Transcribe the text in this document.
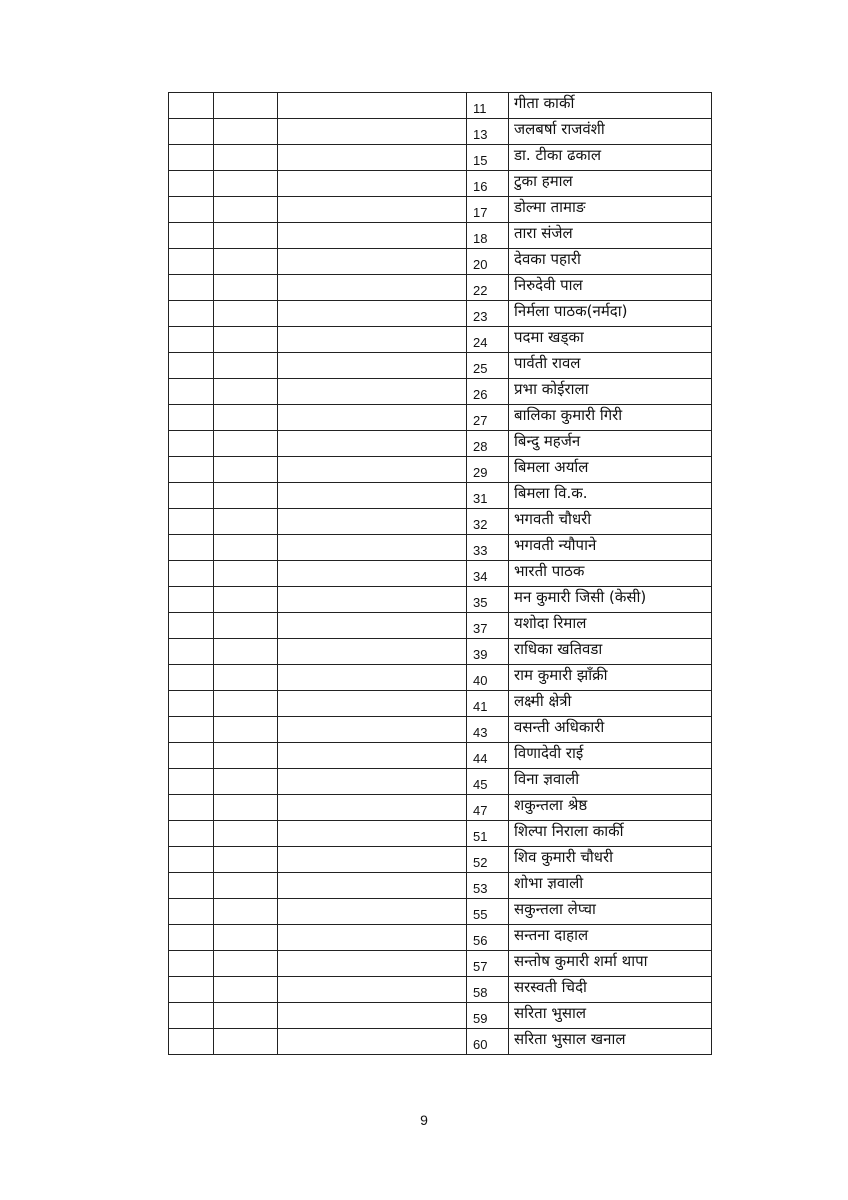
			11	गीता कार्की
			13	जलबर्षा राजवंशी
			15	डा. टीका ढकाल
			16	टुका हमाल
			17	डोल्मा तामाङ
			18	तारा संजेल
			20	देवका पहारी
			22	निरुदेवी पाल
			23	निर्मला पाठक(नर्मदा)
			24	पदमा खड्का
			25	पार्वती रावल
			26	प्रभा कोईराला
			27	बालिका कुमारी गिरी
			28	बिन्दु महर्जन
			29	बिमला अर्याल
			31	बिमला वि.क.
			32	भगवती चौधरी
			33	भगवती न्यौपाने
			34	भारती पाठक
			35	मन कुमारी जिसी (केसी)
			37	यशोदा रिमाल
			39	राधिका खतिवडा
			40	राम कुमारी झाँक्री
			41	लक्ष्मी क्षेत्री
			43	वसन्ती अधिकारी
			44	विणादेवी राई
			45	विना ज्ञवाली
			47	शकुन्तला श्रेष्ठ
			51	शिल्पा निराला कार्की
			52	शिव कुमारी चौधरी
			53	शोभा ज्ञवाली
			55	सकुन्तला लेप्चा
			56	सन्तना दाहाल
			57	सन्तोष कुमारी शर्मा थापा
			58	सरस्वती चिदी
			59	सरिता भुसाल
			60	सरिता भुसाल खनाल
9
